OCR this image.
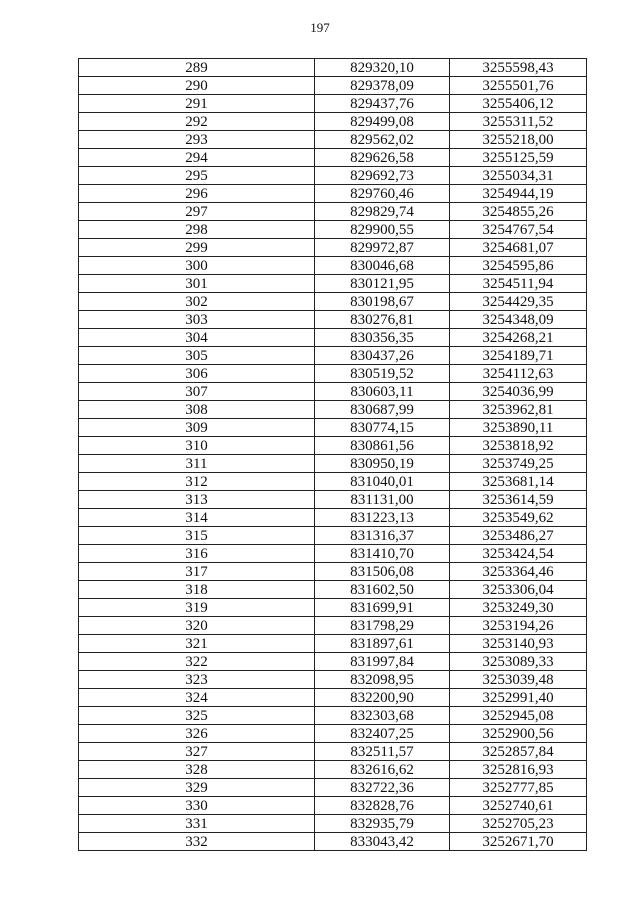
197
289	829320,10	3255598,43
290	829378,09	3255501,76
291	829437,76	3255406,12
292	829499,08	3255311,52
293	829562,02	3255218,00
294	829626,58	3255125,59
295	829692,73	3255034,31
296	829760,46	3254944,19
297	829829,74	3254855,26
298	829900,55	3254767,54
299	829972,87	3254681,07
300	830046,68	3254595,86
301	830121,95	3254511,94
302	830198,67	3254429,35
303	830276,81	3254348,09
304	830356,35	3254268,21
305	830437,26	3254189,71
306	830519,52	3254112,63
307	830603,11	3254036,99
308	830687,99	3253962,81
309	830774,15	3253890,11
310	830861,56	3253818,92
311	830950,19	3253749,25
312	831040,01	3253681,14
313	831131,00	3253614,59
314	831223,13	3253549,62
315	831316,37	3253486,27
316	831410,70	3253424,54
317	831506,08	3253364,46
318	831602,50	3253306,04
319	831699,91	3253249,30
320	831798,29	3253194,26
321	831897,61	3253140,93
322	831997,84	3253089,33
323	832098,95	3253039,48
324	832200,90	3252991,40
325	832303,68	3252945,08
326	832407,25	3252900,56
327	832511,57	3252857,84
328	832616,62	3252816,93
329	832722,36	3252777,85
330	832828,76	3252740,61
331	832935,79	3252705,23
332	833043,42	3252671,70
